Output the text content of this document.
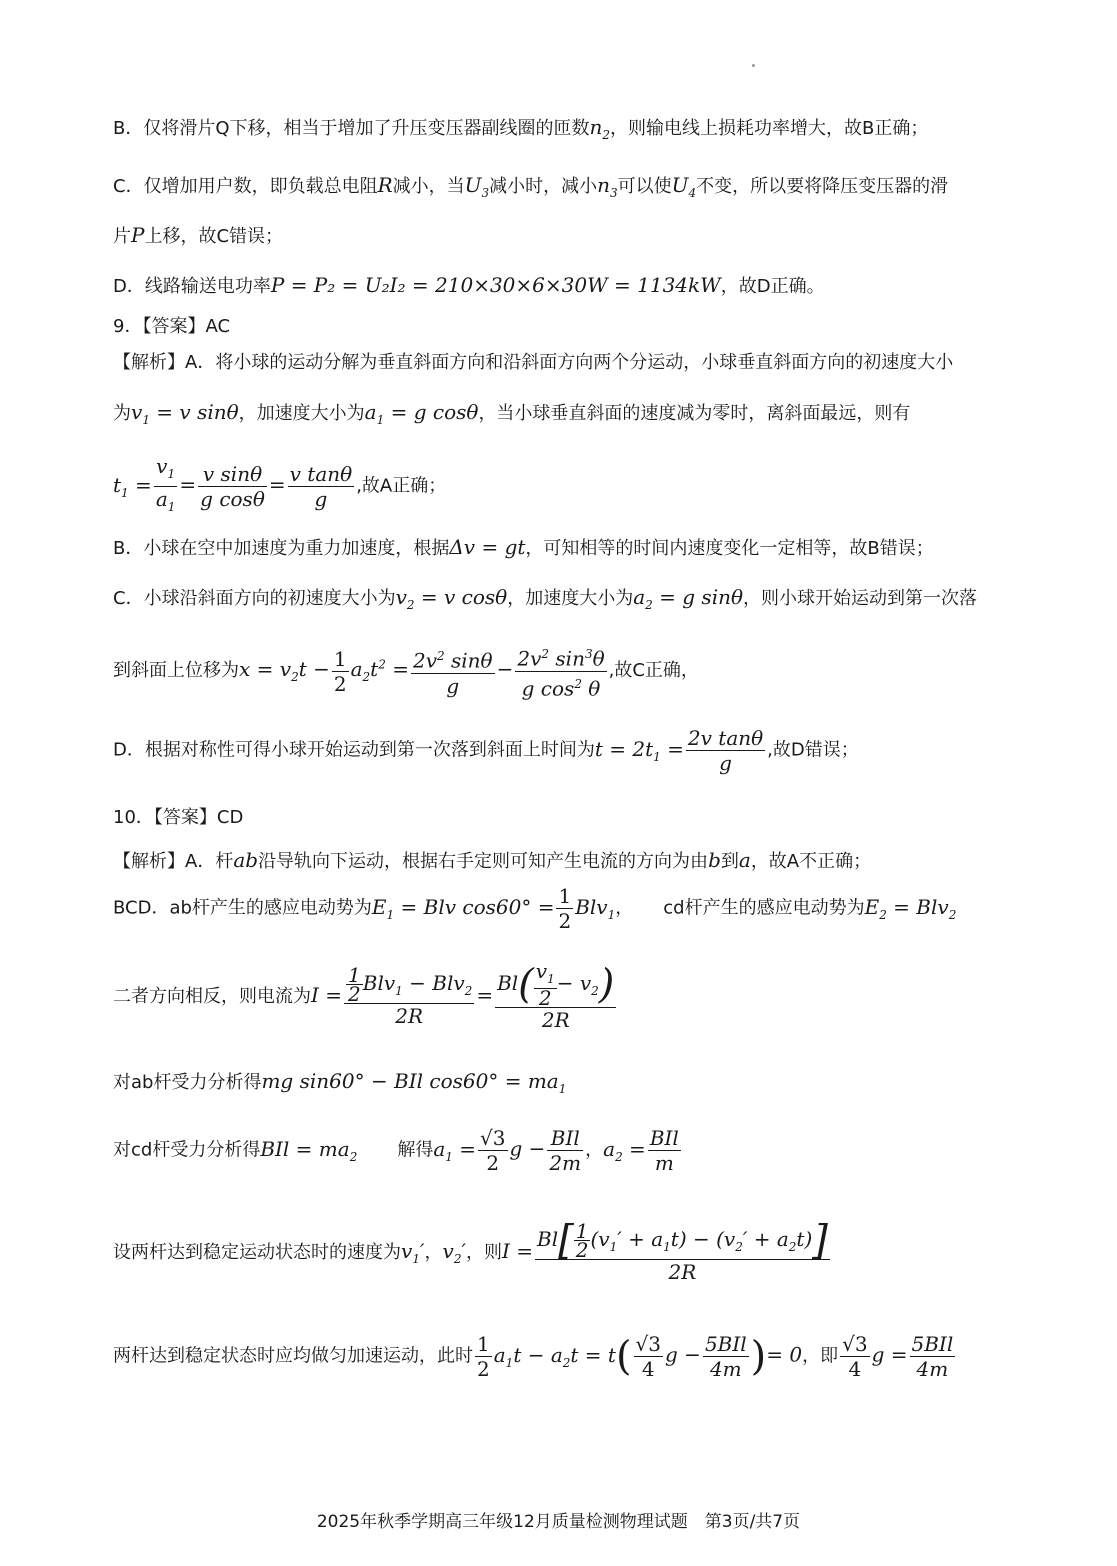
B．仅将滑片Q下移，相当于增加了升压变压器副线圈的匝数$n_2$，则输电线上损耗功率增大，故B正确；
C．仅增加用户数，即负载总电阻R减小，当$U_3$减小时，减小$n_3$可以使$U_4$不变，所以要将降压变压器的滑
片P上移，故C错误；
D．线路输送电功率P = P₂ = U₂I₂ = 210×30×6×30W = 1134kW，故D正确。
9．【答案】AC
【解析】A．将小球的运动分解为垂直斜面方向和沿斜面方向两个分运动，小球垂直斜面方向的初速度大小
为$v_1 = v$ sinθ，加速度大小为$a_1 = g$ cosθ，当小球垂直斜面的速度减为零时，离斜面最远，则有
$t_1 = \frac{v_1}{a_1} = \frac{\text{v sinθ}}{\text{g cosθ}} = \frac{\text{v tanθ}}{g}$ ,故A正确；
B．小球在空中加速度为重力加速度，根据Δv = gt，可知相等的时间内速度变化一定相等，故B错误；
C．小球沿斜面方向的初速度大小为$v_2 = v$ cosθ，加速度大小为$a_2 = g$ sinθ，则小球开始运动到第一次落
到斜面上位移为$x = v_2t - \frac{1}{2} a_2t^2 = \frac{2v^2 \sin\theta}{g} - \frac{2v^2 \sin^3\theta}{g \cos^2 \theta}$ ,故C正确，
D．根据对称性可得小球开始运动到第一次落到斜面上时间为$t = 2t_1 = \frac{\text{2v tanθ}}{g}$ ,故D错误；
10．【答案】CD
【解析】A．杆ab沿导轨向下运动，根据右手定则可知产生电流的方向为由b到a，故A不正确；
BCD．ab杆产生的感应电动势为$E_1$ = Blv $\cos 60^\circ = \frac{1}{2} Blv_1$， cd杆产生的感应电动势为$E_2 = Blv_2$
二者方向相反，则电流为$I = \frac{\frac{1}{2} Blv_1 - Blv_2}{2R} = \frac{Bl( \frac{v_1}{2} - v_2)}{2R}$
对ab杆受力分析得mg sin60° − BIl $\cos 60^\circ = ma_1$
对cd杆受力分析得BIl = $ma_2$ 解得$a_1 = \frac{√3}{2}$ $g - \frac{\text{BIl}}{2m}$ ，$a_2 = \frac{\text{BIl}}{m}$
设两杆达到稳定运动状态时的速度为$v_1'$，$v_2'$，则$I = \frac{Bl[ \frac{1}{2} (v_1' + a_1t) - (v_2' + a_2t)]}{2R}$
两杆达到稳定状态时应均做匀加速运动，此时 $\frac{1}{2} a_1t - a_2t = t( \frac{√3}{4}$ $g - \frac{\text{5BIl}}{4m}$ )= 0，即 $\frac{√3}{4}$ $g = \frac{\text{5BIl}}{4m}$
2025年秋季学期高三年级12月质量检测物理试题　第3页/共7页
